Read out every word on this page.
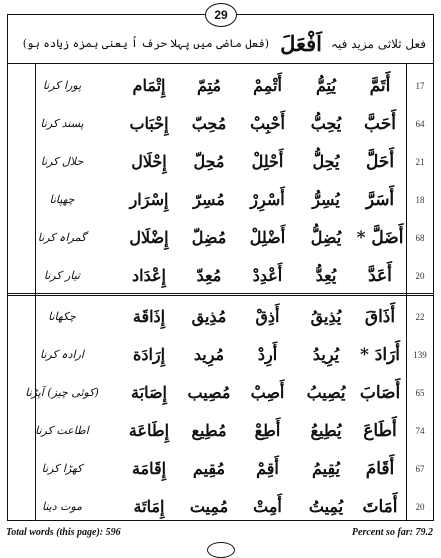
29
فعل ثلاثی مزید فیہ
اَفْعَلَ
(فعل ماضی میں پہلا حرف اُ یعنی ہمزہ زیادہ ہو)
17
أَتَمَّ
يُتِمُّ
أَتْمِمْ
مُتِمّ
إِتْمَام
پورا کرنا
64
أَحَبَّ
يُحِبُّ
أَحْبِبْ
مُحِبّ
إِحْبَاب
پسند کرنا
21
أَحَلَّ
يُحِلُّ
أَحْلِلْ
مُحِلّ
إِحْلَال
حلال کرنا
18
أَسَرَّ
يُسِرُّ
أَسْرِرْ
مُسِرّ
إِسْرَار
چھپانا
68
أَضَلَّ *
يُضِلُّ
أَضْلِلْ
مُضِلّ
إِضْلَال
گمراہ کرنا
20
أَعَدَّ
يُعِدُّ
أَعْدِدْ
مُعِدّ
إِعْدَاد
تیار کرنا
22
أَذَاقَ
يُذِيقُ
أَذِقْ
مُذِيق
إِذَاقَة
چکھانا
139
أَرَادَ *
يُرِيدُ
أَرِدْ
مُرِيد
إِرَادَة
ارادہ کرنا
65
أَصَابَ
يُصِيبُ
أَصِبْ
مُصِيب
إِصَابَة
(کوئی چیز) آپڑنا
74
أَطَاعَ
يُطِيعُ
أَطِعْ
مُطِيع
إِطَاعَة
اطاعت کرنا
67
أَقَامَ
يُقِيمُ
أَقِمْ
مُقِيم
إِقَامَة
کھڑا کرنا
20
أَمَاتَ
يُمِيتُ
أَمِتْ
مُمِيت
إِمَاتَة
موت دینا
Total words (this page): 596	Percent so far: 79.2
